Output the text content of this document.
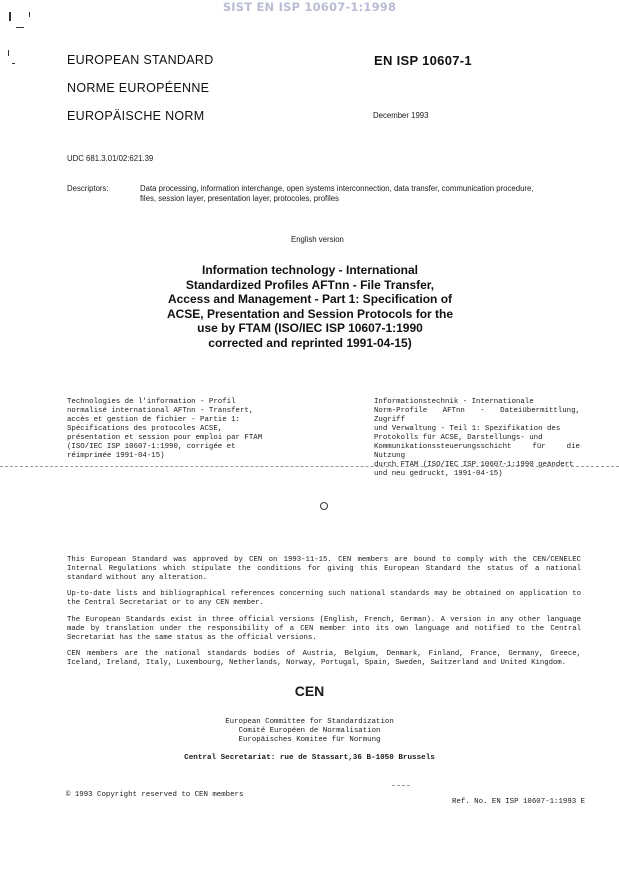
SIST EN ISP 10607-1:1998
EUROPEAN STANDARD
NORME EUROPÉENNE
EUROPÄISCHE NORM
EN ISP 10607-1
December 1993
UDC 681.3.01/02:621.39
Descriptors:	Data processing, information interchange, open systems interconnection, data transfer, communication procedure,
files, session layer, presentation layer, protocoles, profiles
English version
Information technology - International
Standardized Profiles AFTnn - File Transfer,
Access and Management - Part 1: Specification of
ACSE, Presentation and Session Protocols for the
use by FTAM (ISO/IEC ISP 10607-1:1990
corrected and reprinted 1991-04-15)
Technologies de l'information - Profil
normalisé international AFTnn - Transfert,
accès et gestion de fichier - Partie 1:
Spécifications des protocoles ACSE,
présentation et session pour emploi par FTAM
(ISO/IEC ISP 10607-1:1990, corrigée et
réimprimée 1991-04-15)
Informationstechnik - Internationale
Norm-Profile AFTnn - Dateiübermittlung, Zugriff
und Verwaltung - Teil 1: Spezifikation des
Protokolls für ACSE, Darstellungs- und
Kommunikationssteuerungsschicht für die Nutzung
durch FTAM (ISO/IEC ISP 10607-1:1990 geändert
und neu gedruckt, 1991-04-15)
This European Standard was approved by CEN on 1993-11-15. CEN members are bound to comply with the CEN/CENELEC Internal Regulations which stipulate the conditions for giving this European Standard the status of a national standard without any alteration.
Up-to-date lists and bibliographical references concerning such national standards may be obtained on application to the Central Secretariat or to any CEN member.
The European Standards exist in three official versions (English, French, German). A version in any other language made by translation under the responsibility of a CEN member into its own language and notified to the Central Secretariat has the same status as the official versions.
CEN members are the national standards bodies of Austria, Belgium, Denmark, Finland, France, Germany, Greece, Iceland, Ireland, Italy, Luxembourg, Netherlands, Norway, Portugal, Spain, Sweden, Switzerland and United Kingdom.
CEN
European Committee for Standardization
Comité Européen de Normalisation
Europäisches Komitee für Normung
Central Secretariat: rue de Stassart,36 B-1050 Brussels
© 1993 Copyright reserved to CEN members
Ref. No. EN ISP 10607-1:1993 E
